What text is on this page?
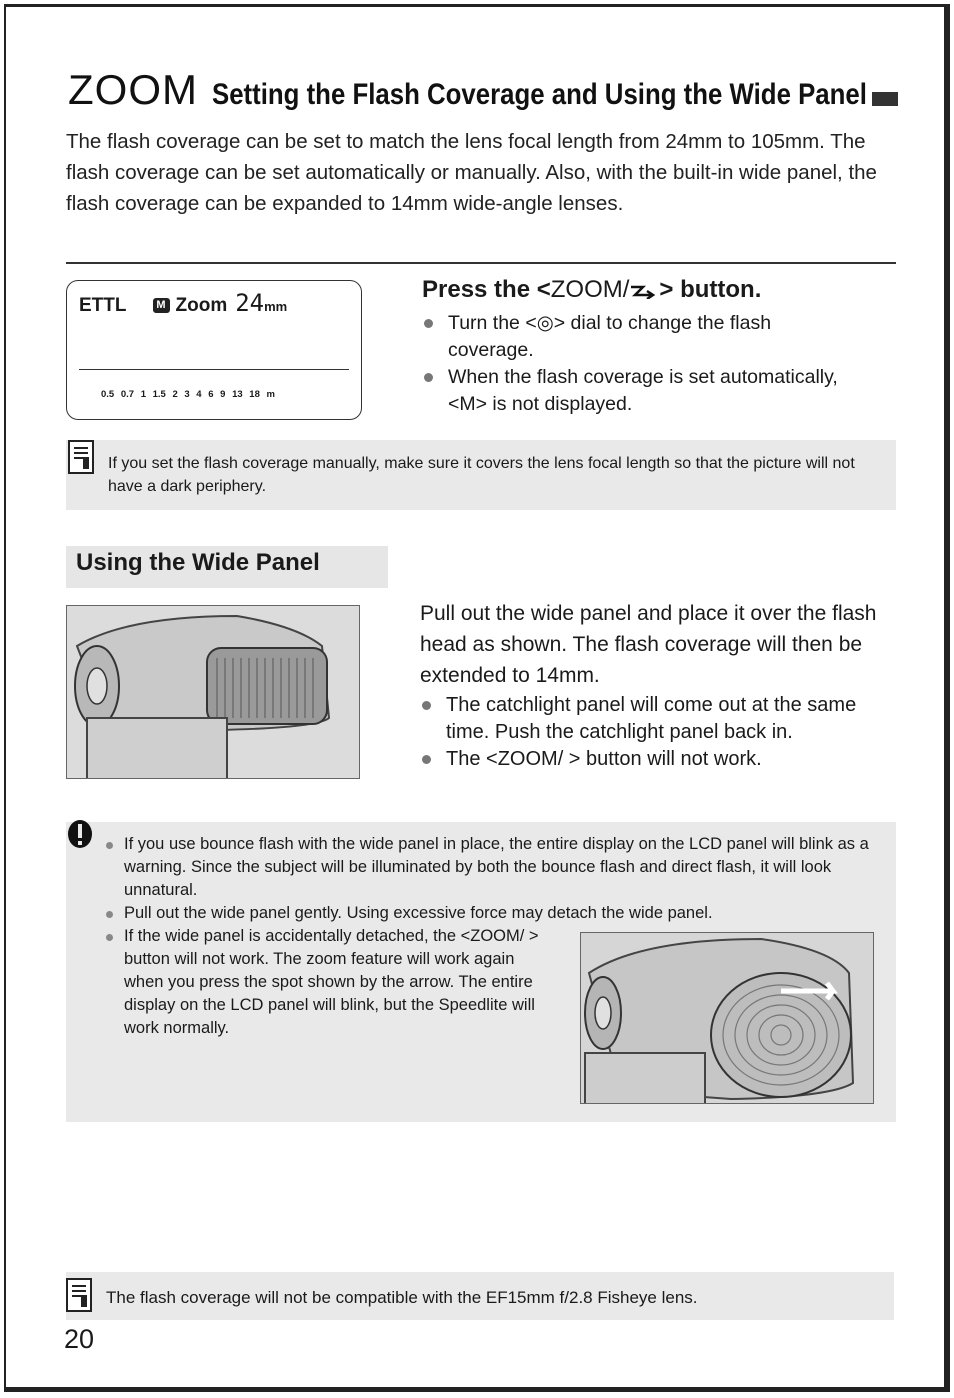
ZOOM Setting the Flash Coverage and Using the Wide Panel

The flash coverage can be set to match the lens focal length from 24mm to 105mm. The flash coverage can be set automatically or manually. Also, with the built-in wide panel, the flash coverage can be expanded to 14mm wide-angle lenses.

ETTL	M Zoom 24mm
0.5 0.7 1 1.5 2 3 4 6 9 13 18 m
Press the <ZOOM/ > button.
Turn the <◎> dial to change the flash coverage.
When the flash coverage is set automatically, <M> is not displayed.

If you set the flash coverage manually, make sure it covers the lens focal length so that the picture will not have a dark periphery.

Using the Wide Panel

Pull out the wide panel and place it over the flash head as shown. The flash coverage will then be extended to 14mm.

The catchlight panel will come out at the same time. Push the catchlight panel back in.
The <ZOOM/ > button will not work.
If you use bounce flash with the wide panel in place, the entire display on the LCD panel will blink as a warning. Since the subject will be illuminated by both the bounce flash and direct flash, it will look unnatural.
Pull out the wide panel gently. Using excessive force may detach the wide panel.
If the wide panel is accidentally detached, the <ZOOM/ > button will not work. The zoom feature will work again when you press the spot shown by the arrow. The entire display on the LCD panel will blink, but the Speedlite will work normally.

The flash coverage will not be compatible with the EF15mm f/2.8 Fisheye lens.

20
